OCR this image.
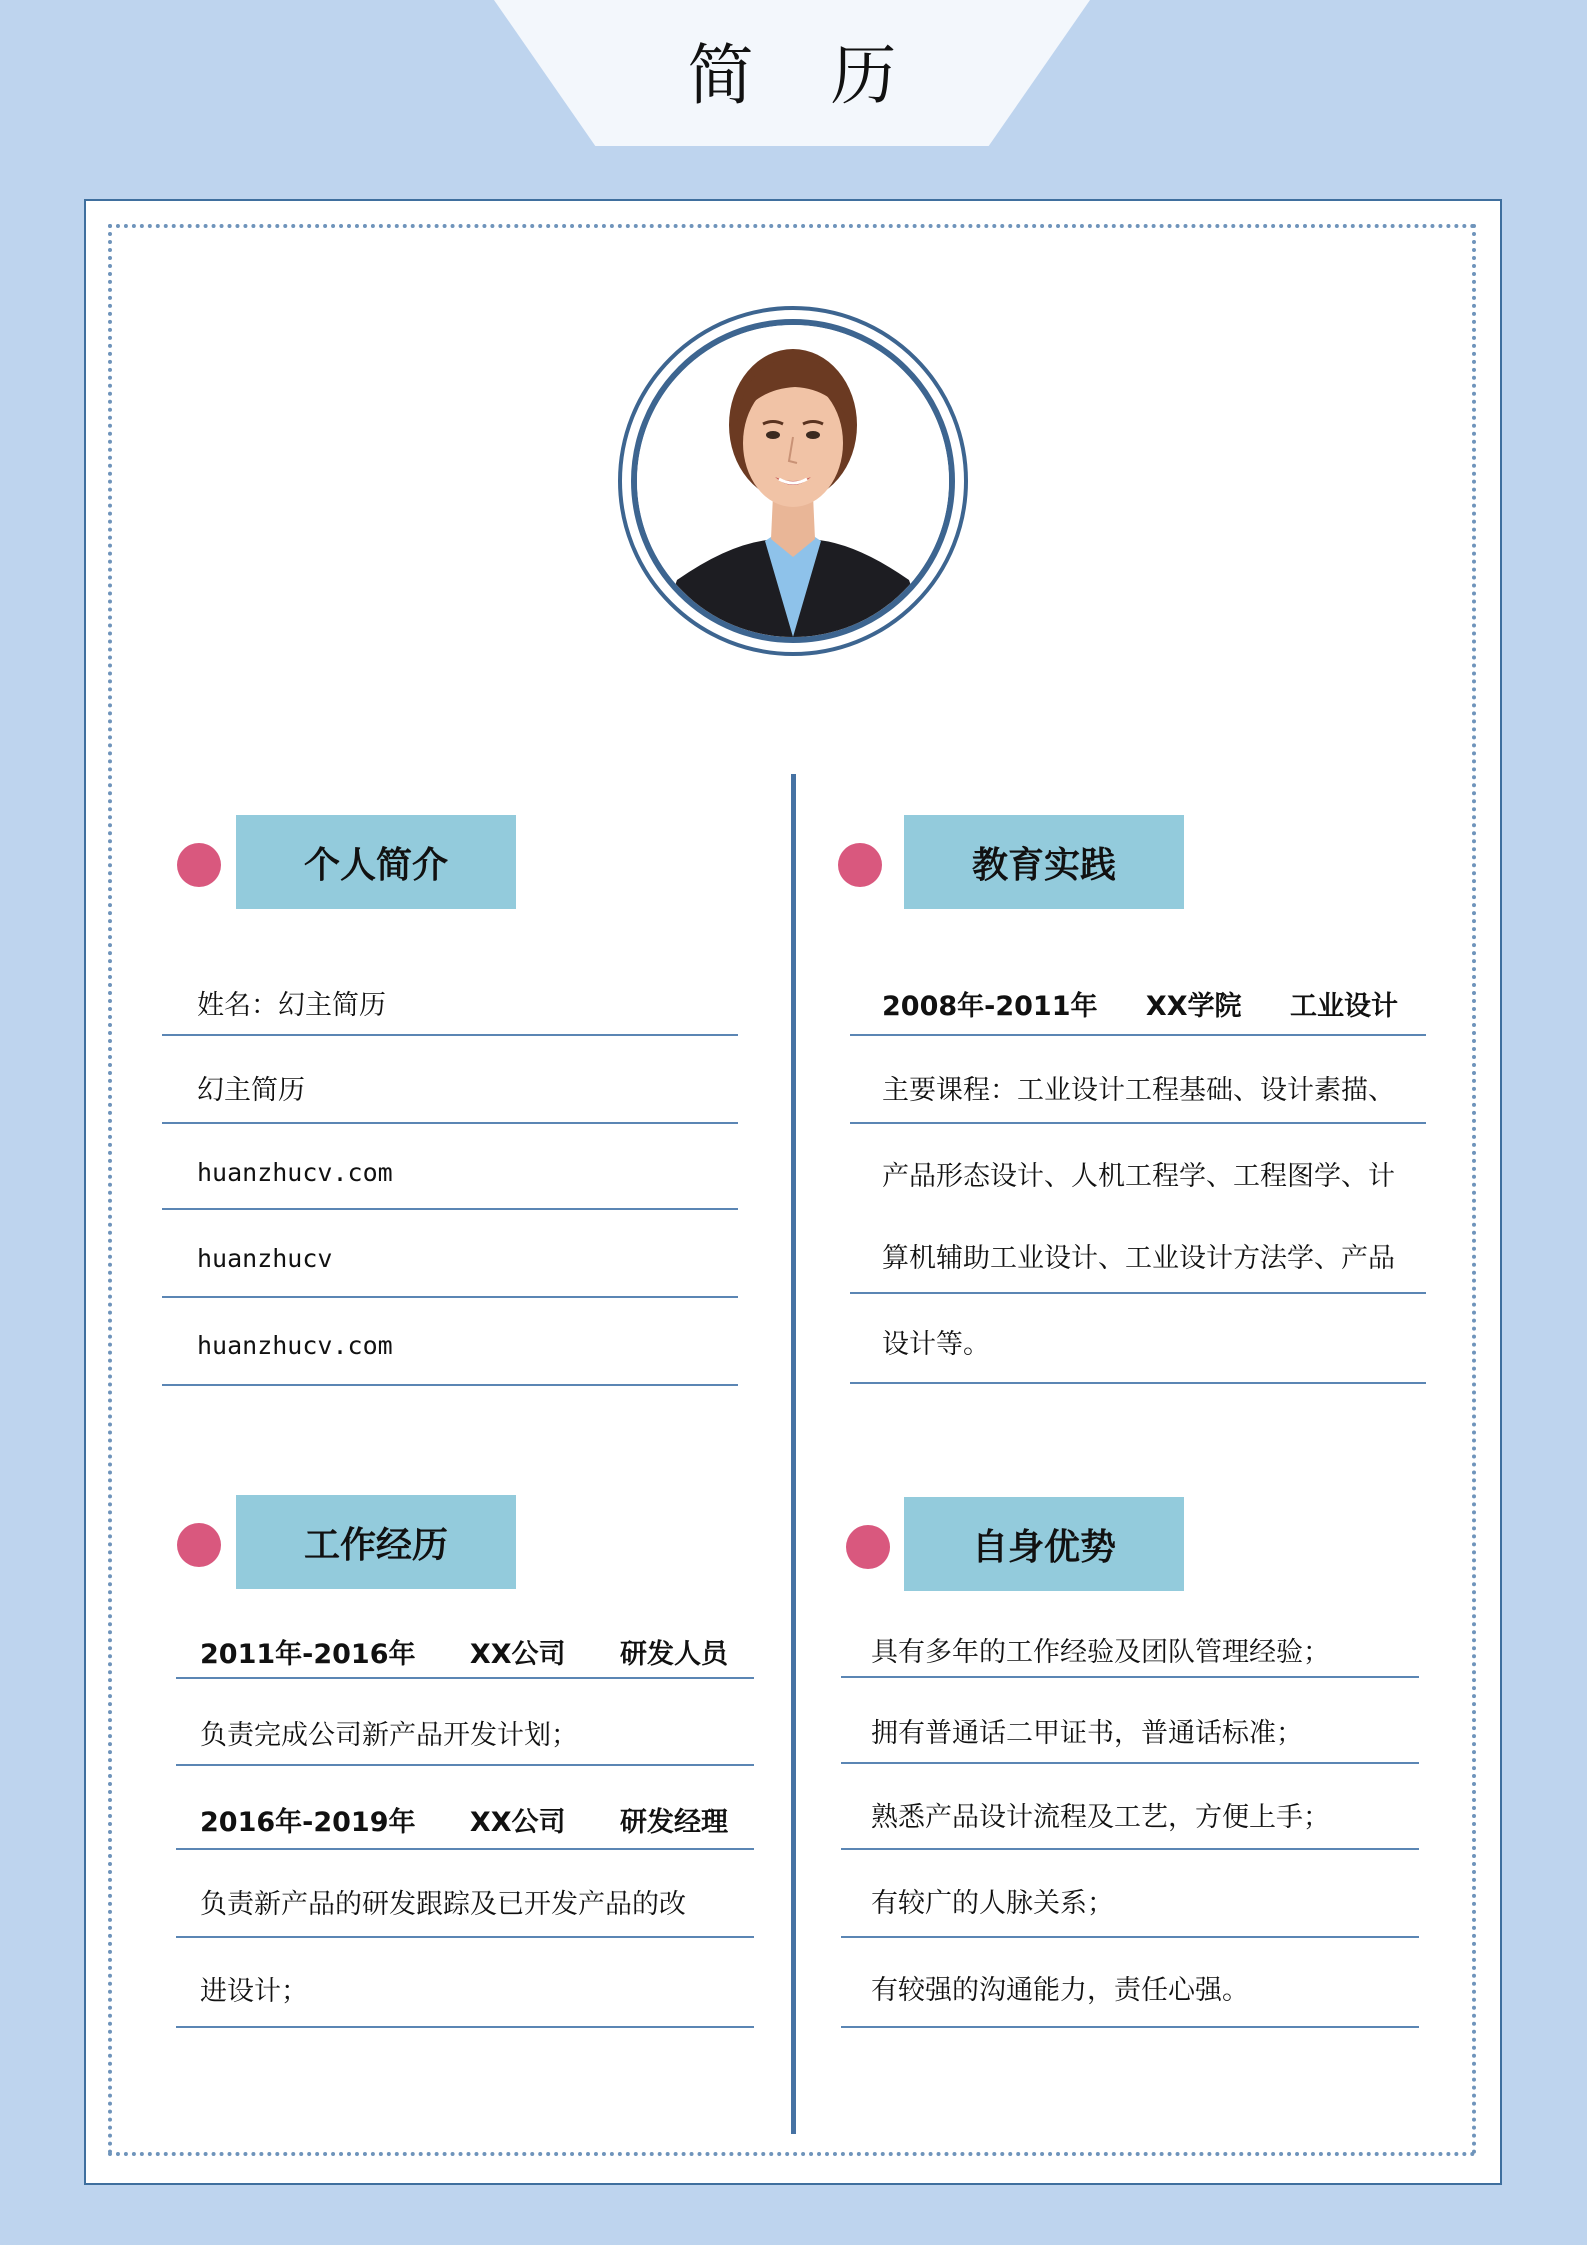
简 历
个人简介
姓名：幻主简历
幻主简历
huanzhucv.com
huanzhucv
huanzhucv.com
教育实践
2008年-2011年 XX学院 工业设计
主要课程：工业设计工程基础、设计素描、
产品形态设计、人机工程学、工程图学、计
算机辅助工业设计、工业设计方法学、产品
设计等。
工作经历
2011年-2016年 XX公司 研发人员
负责完成公司新产品开发计划；
2016年-2019年 XX公司 研发经理
负责新产品的研发跟踪及已开发产品的改
进设计；
自身优势
具有多年的工作经验及团队管理经验；
拥有普通话二甲证书，普通话标准；
熟悉产品设计流程及工艺，方便上手；
有较广的人脉关系；
有较强的沟通能力，责任心强。
